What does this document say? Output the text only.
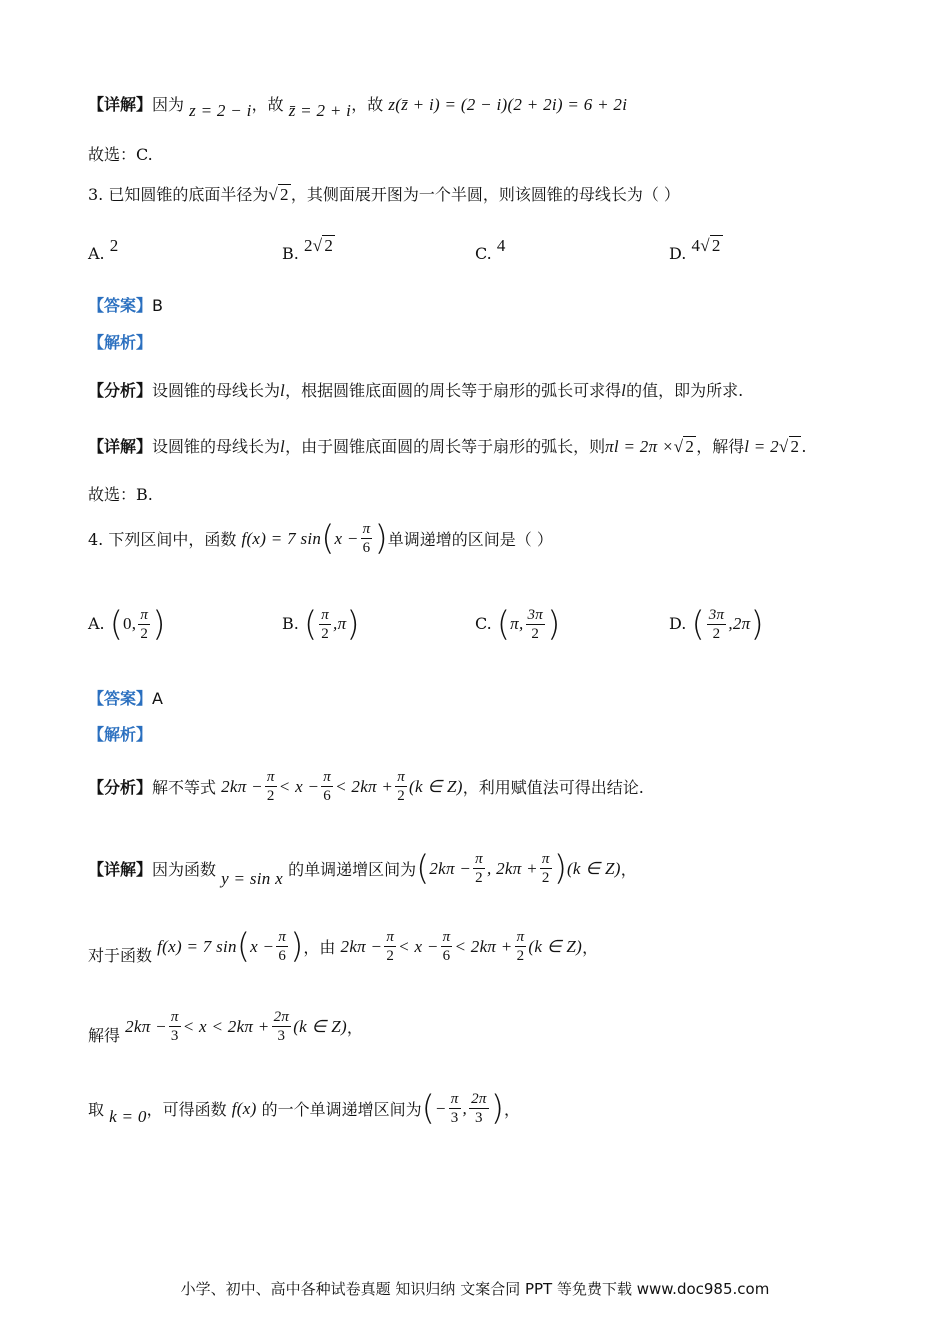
【详解】因为 z = 2 − i，故 z̄ = 2 + i，故 z(z̄ + i) = (2 − i)(2 + 2i) = 6 + 2i
故选：C.
3. 已知圆锥的底面半径为√ 2 ，其侧面展开图为一个半圆，则该圆锥的母线长为（ ）
A. 2	B. 2√ 2	C. 4	D. 4√ 2
【答案】B
【解析】
【分析】设圆锥的母线长为l，根据圆锥底面圆的周长等于扇形的弧长可求得l的值，即为所求.
【详解】设圆锥的母线长为l，由于圆锥底面圆的周长等于扇形的弧长，则πl = 2π ×√ 2 ，解得l = 2√ 2 .
故选：B.
4. 下列区间中，函数 f(x) = 7 $\sin(x - \frac{\pi}{6}$ )单调递增的区间是（ ）
A. (0, $\frac{\pi}{2}$ )	B. ( $\frac{\pi}{2} ,\pi$)	C. (π, $\frac{3\pi}{2}$ )	D. ( $\frac{3\pi}{2} ,2\pi$)
【答案】A
【解析】
【分析】解不等式 $2k\pi - \frac{\pi}{2} < x - \frac{\pi}{6} < 2k\pi + \frac{\pi}{2} (k$ ∈ Z)，利用赋值法可得出结论.
【详解】因为函数 y = sin x 的单调递增区间为($2k\pi - \frac{\pi}{2}$ , $2k\pi + \frac{\pi}{2} )(k$ ∈ Z)，
对于函数 f(x) = 7 $\sin(x - \frac{\pi}{6}$ )，由 $2k\pi - \frac{\pi}{2} < x - \frac{\pi}{6} < 2k\pi + \frac{\pi}{2} (k$ ∈ Z)，
解得 $2k\pi - \frac{\pi}{3} < x < 2k\pi + \frac{2\pi}{3} (k$ ∈ Z)，
取 k = 0，可得函数 f(x) 的一个单调递增区间为(− $\frac{\pi}{3}$ , $\frac{2\pi}{3}$ )，
小学、初中、高中各种试卷真题 知识归纳 文案合同 PPT 等免费下载 www.doc985.com
